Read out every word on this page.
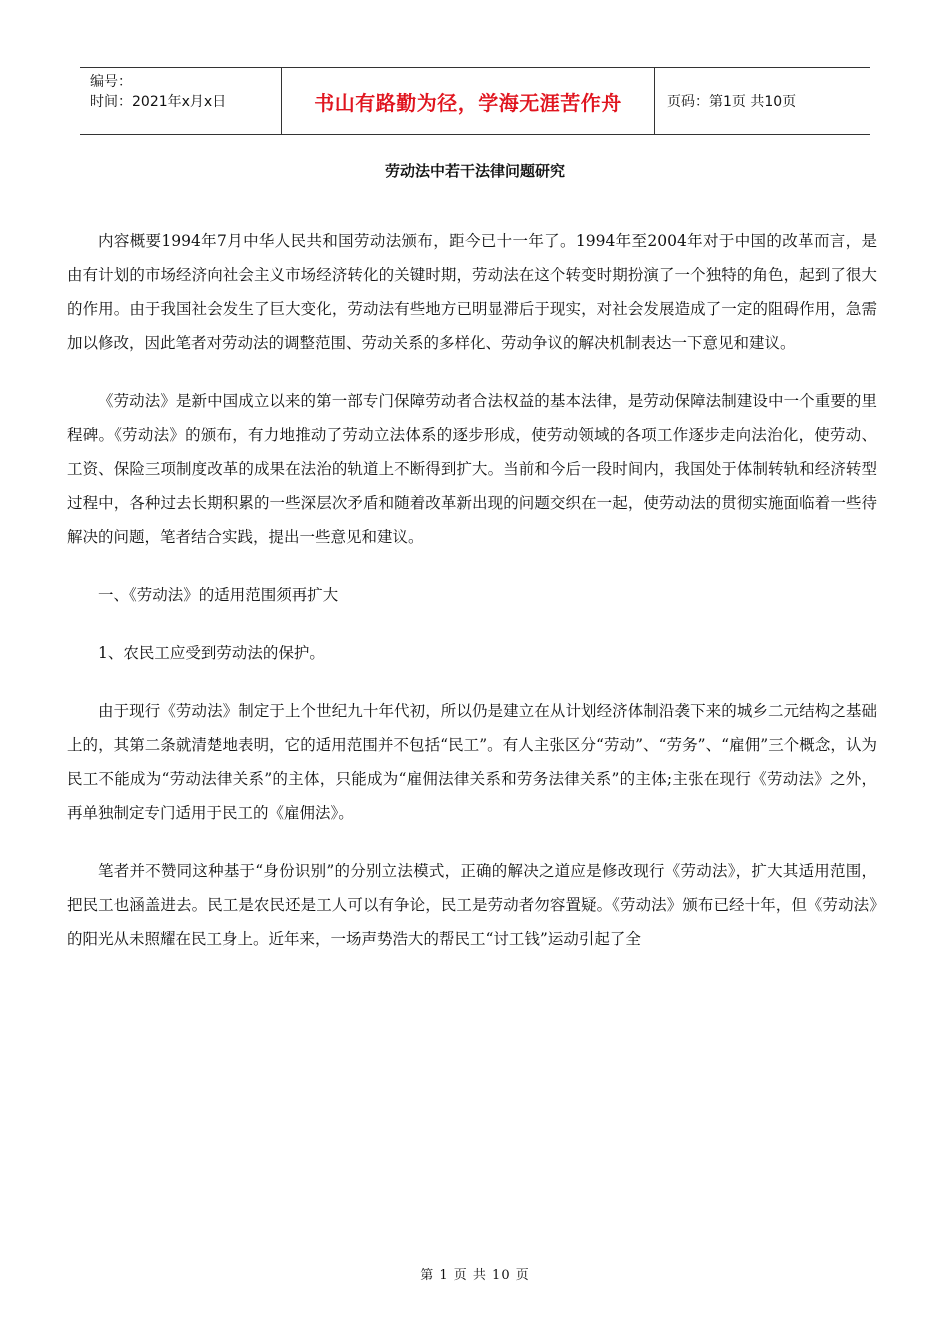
编号：
时间：2021年x月x日	书山有路勤为径，学海无涯苦作舟	页码：第1页 共10页
劳动法中若干法律问题研究

内容概要1994年7月中华人民共和国劳动法颁布，距今已十一年了。1994年至2004年对于中国的改革而言，是由有计划的市场经济向社会主义市场经济转化的关键时期，劳动法在这个转变时期扮演了一个独特的角色，起到了很大的作用。由于我国社会发生了巨大变化，劳动法有些地方已明显滞后于现实，对社会发展造成了一定的阻碍作用，急需加以修改，因此笔者对劳动法的调整范围、劳动关系的多样化、劳动争议的解决机制表达一下意见和建议。

《劳动法》是新中国成立以来的第一部专门保障劳动者合法权益的基本法律，是劳动保障法制建设中一个重要的里程碑。《劳动法》的颁布，有力地推动了劳动立法体系的逐步形成，使劳动领域的各项工作逐步走向法治化，使劳动、工资、保险三项制度改革的成果在法治的轨道上不断得到扩大。当前和今后一段时间内，我国处于体制转轨和经济转型过程中，各种过去长期积累的一些深层次矛盾和随着改革新出现的问题交织在一起，使劳动法的贯彻实施面临着一些待解决的问题，笔者结合实践，提出一些意见和建议。

一、《劳动法》的适用范围须再扩大

1、农民工应受到劳动法的保护。

由于现行《劳动法》制定于上个世纪九十年代初，所以仍是建立在从计划经济体制沿袭下来的城乡二元结构之基础上的，其第二条就清楚地表明，它的适用范围并不包括“民工”。有人主张区分“劳动”、“劳务”、“雇佣”三个概念，认为民工不能成为“劳动法律关系”的主体，只能成为“雇佣法律关系和劳务法律关系”的主体;主张在现行《劳动法》之外，再单独制定专门适用于民工的《雇佣法》。

笔者并不赞同这种基于“身份识别”的分别立法模式，正确的解决之道应是修改现行《劳动法》，扩大其适用范围，把民工也涵盖进去。民工是农民还是工人可以有争论，民工是劳动者勿容置疑。《劳动法》颁布已经十年，但《劳动法》的阳光从未照耀在民工身上。近年来，一场声势浩大的帮民工“讨工钱”运动引起了全

第 1 页 共 10 页
